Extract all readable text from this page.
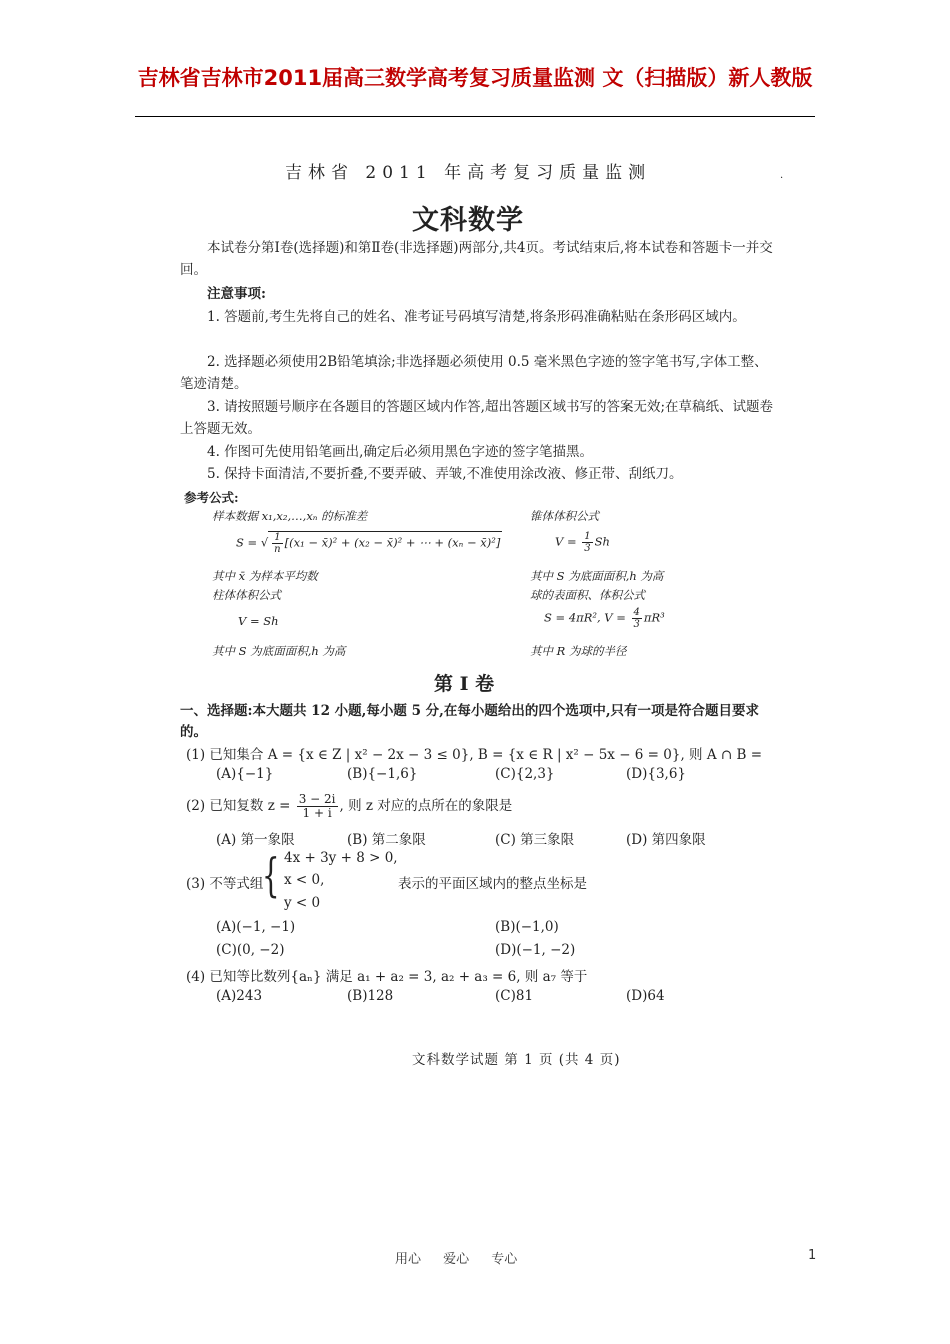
吉林省吉林市2011届高三数学高考复习质量监测 文（扫描版）新人教版
吉林省 2011 年高考复习质量监测	.
文科数学
本试卷分第Ⅰ卷(选择题)和第Ⅱ卷(非选择题)两部分,共4页。考试结束后,将本试卷和答题卡一并交回。
注意事项:
1. 答题前,考生先将自己的姓名、准考证号码填写清楚,将条形码准确粘贴在条形码区域内。
2. 选择题必须使用2B铅笔填涂;非选择题必须使用 0.5 毫米黑色字迹的签字笔书写,字体工整、笔迹清楚。
3. 请按照题号顺序在各题目的答题区域内作答,超出答题区域书写的答案无效;在草稿纸、试题卷上答题无效。
4. 作图可先使用铅笔画出,确定后必须用黑色字迹的签字笔描黑。
5. 保持卡面清洁,不要折叠,不要弄破、弄皱,不准使用涂改液、修正带、刮纸刀。
参考公式:
样本数据 x₁,x₂,…,xₙ 的标准差
S = √ $\frac{1}{n} [(x_1$ − x̄)² + (x₂ − x̄)² + ⋯ + (xₙ − x̄)²]
其中 x̄ 为样本平均数
锥体体积公式
$V = \frac{1}{3}$ Sh
其中 S 为底面面积,h 为高
柱体体积公式	球的表面积、体积公式
V = Sh	S = 4πR², $V = \frac{4}{3} \pi R^3$
其中 S 为底面面积,h 为高	其中 R 为球的半径
第 Ⅰ 卷
一、选择题:本大题共 12 小题,每小题 5 分,在每小题给出的四个选项中,只有一项是符合题目要求的。
(1) 已知集合 A = {x ∈ Z | x² − 2x − 3 ≤ 0}, B = {x ∈ R | x² − 5x − 6 = 0}, 则 A ∩ B =
(A){−1}	(B){−1,6}	(C){2,3}	(D){3,6}
(2) 已知复数 $z = \frac{3 - 2i}{1 + i}$ , 则 z 对应的点所在的象限是
(A) 第一象限	(B) 第二象限	(C) 第三象限	(D) 第四象限
(3) 不等式组
{ 4x + 3y + 8 > 0,
x < 0,
y < 0
表示的平面区域内的整点坐标是
(A)(−1, −1)	(B)(−1,0)
(C)(0, −2)	(D)(−1, −2)
(4) 已知等比数列{aₙ} 满足 a₁ + a₂ = 3, a₂ + a₃ = 6, 则 a₇ 等于
(A)243	(B)128	(C)81	(D)64
文科数学试题 第 1 页 (共 4 页)
用心 爱心 专心	1
